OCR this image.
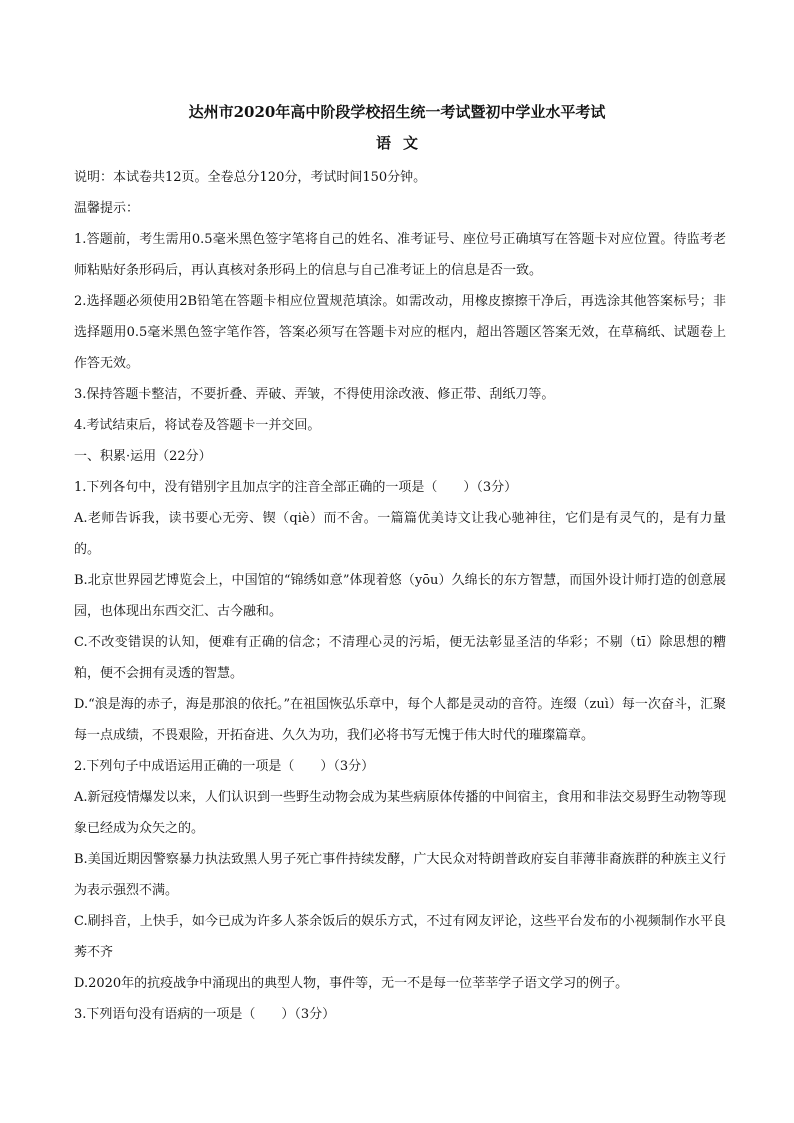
达州市2020年高中阶段学校招生统一考试暨初中学业水平考试
语文

说明：本试卷共12页。全卷总分120分，考试时间150分钟。

温馨提示：

1.答题前，考生需用0.5毫米黑色签字笔将自己的姓名、准考证号、座位号正确填写在答题卡对应位置。待监考老师粘贴好条形码后，再认真核对条形码上的信息与自己准考证上的信息是否一致。

2.选择题必须使用2B铅笔在答题卡相应位置规范填涂。如需改动，用橡皮擦擦干净后，再选涂其他答案标号；非选择题用0.5毫米黑色签字笔作答，答案必须写在答题卡对应的框内，超出答题区答案无效，在草稿纸、试题卷上作答无效。

3.保持答题卡整洁，不要折叠、弄破、弄皱，不得使用涂改液、修正带、刮纸刀等。

4.考试结束后，将试卷及答题卡一并交回。

一、积累·运用（22分）

1.下列各句中，没有错别字且加点字的注音全部正确的一项是（　　）（3分）

A.老师告诉我，读书要心无旁、锲（qiè）而不舍。一篇篇优美诗文让我心驰神往，它们是有灵气的，是有力量的。

B.北京世界园艺博览会上，中国馆的“锦绣如意”体现着悠（yōu）久绵长的东方智慧，而国外设计师打造的创意展园，也体现出东西交汇、古今融和。

C.不改变错误的认知，便难有正确的信念；不清理心灵的污垢，便无法彰显圣洁的华彩；不剔（tī）除思想的糟粕，便不会拥有灵透的智慧。

D.“浪是海的赤子，海是那浪的依托。”在祖国恢弘乐章中，每个人都是灵动的音符。连缀（zuì）每一次奋斗，汇聚每一点成绩，不畏艰险，开拓奋进、久久为功，我们必将书写无愧于伟大时代的璀璨篇章。

2.下列句子中成语运用正确的一项是（　　）（3分）

A.新冠疫情爆发以来，人们认识到一些野生动物会成为某些病原体传播的中间宿主，食用和非法交易野生动物等现象已经成为众矢之的。

B.美国近期因警察暴力执法致黑人男子死亡事件持续发酵，广大民众对特朗普政府妄自菲薄非裔族群的种族主义行为表示强烈不满。

C.刷抖音，上快手，如今已成为许多人茶余饭后的娱乐方式，不过有网友评论，这些平台发布的小视频制作水平良莠不齐

D.2020年的抗疫战争中涌现出的典型人物，事件等，无一不是每一位莘莘学子语文学习的例子。

3.下列语句没有语病的一项是（　　）（3分）
